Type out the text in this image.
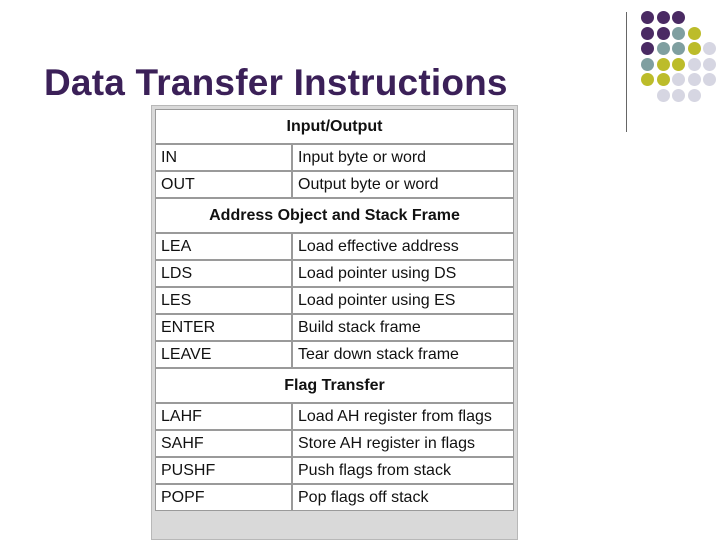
Data Transfer Instructions
Input/Output	
IN	Input byte or word
OUT	Output byte or word
Address Object and Stack Frame	
LEA	Load effective address
LDS	Load pointer using DS
LES	Load pointer using ES
ENTER	Build stack frame
LEAVE	Tear down stack frame
Flag Transfer	
LAHF	Load AH register from flags
SAHF	Store AH register in flags
PUSHF	Push flags from stack
POPF	Pop flags off stack
